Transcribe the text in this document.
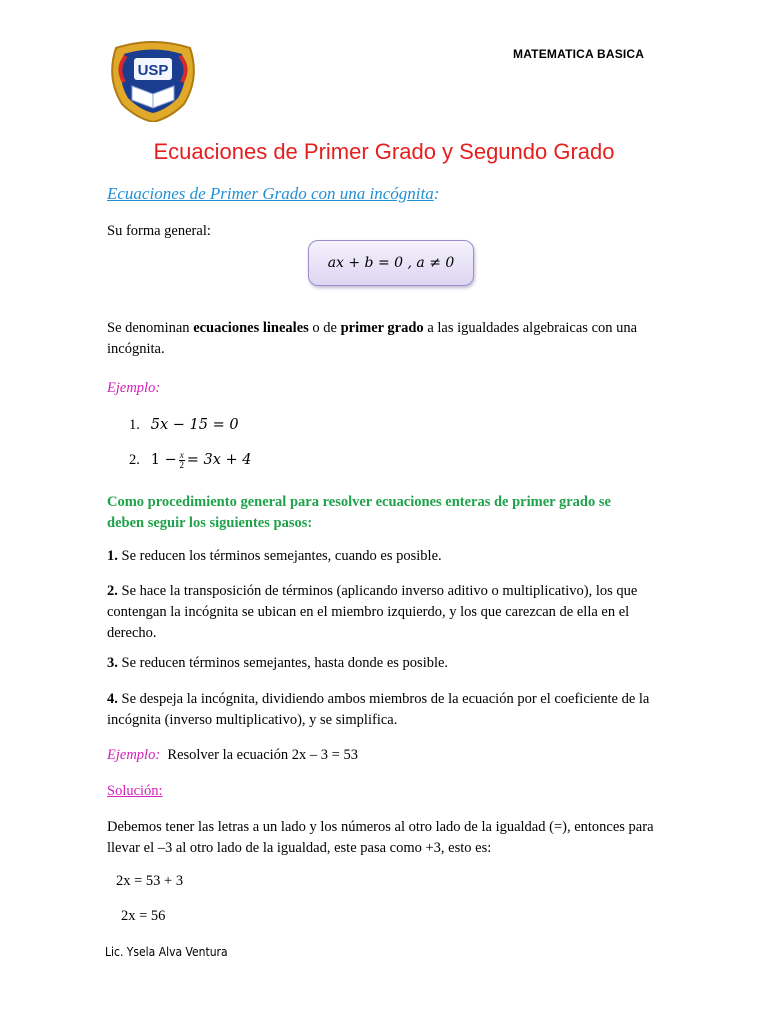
MATEMATICA BASICA
USP
Ecuaciones de Primer Grado y Segundo Grado
Ecuaciones de Primer Grado con una incógnita:
Su forma general:
ax + b = 0 , a ≠ 0
Se denominan ecuaciones lineales o de primer grado a las igualdades algebraicas con una incógnita.
Ejemplo:
1. 5x − 15 = 0
2. $1 - \frac{x}{2} = 3x + 4$
Como procedimiento general para resolver ecuaciones enteras de primer grado se deben seguir los siguientes pasos:
1. Se reducen los términos semejantes, cuando es posible.
2. Se hace la transposición de términos (aplicando inverso aditivo o multiplicativo), los que contengan la incógnita se ubican en el miembro izquierdo, y los que carezcan de ella en el derecho.
3. Se reducen términos semejantes, hasta donde es posible.
4. Se despeja la incógnita, dividiendo ambos miembros de la ecuación por el coeficiente de la incógnita (inverso multiplicativo), y se simplifica.
Ejemplo: Resolver la ecuación 2x – 3 = 53
Solución:
Debemos tener las letras a un lado y los números al otro lado de la igualdad (=), entonces para llevar el –3 al otro lado de la igualdad, este pasa como +3, esto es:
2x = 53 + 3
2x = 56
Lic. Ysela Alva Ventura
